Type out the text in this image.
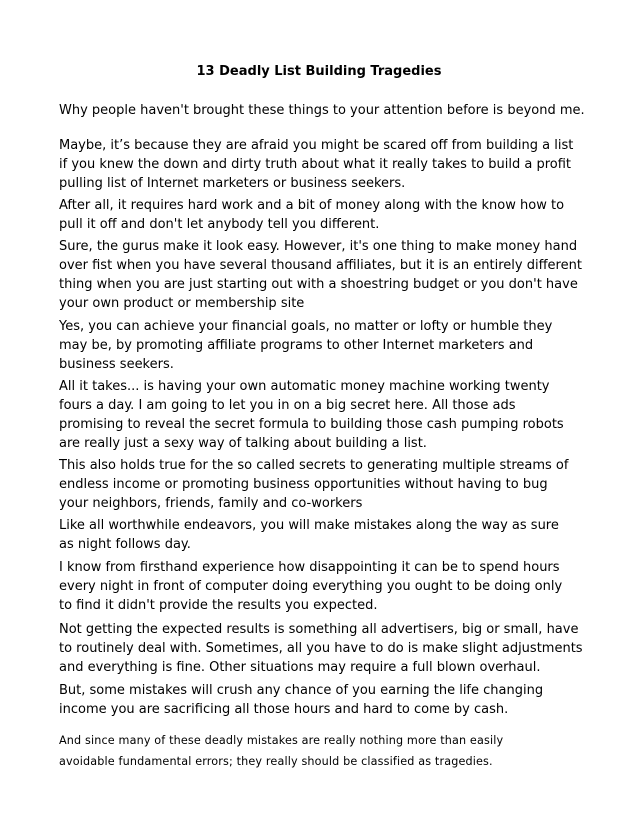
13 Deadly List Building Tragedies
Why people haven't brought these things to your attention before is beyond me.
Maybe, it’s because they are afraid you might be scared off from building a list
if you knew the down and dirty truth about what it really takes to build a profit
pulling list of Internet marketers or business seekers.
After all, it requires hard work and a bit of money along with the know how to
pull it off and don't let anybody tell you different.
Sure, the gurus make it look easy. However, it's one thing to make money hand
over fist when you have several thousand affiliates, but it is an entirely different
thing when you are just starting out with a shoestring budget or you don't have
your own product or membership site
Yes, you can achieve your financial goals, no matter or lofty or humble they
may be, by promoting affiliate programs to other Internet marketers and
business seekers.
All it takes... is having your own automatic money machine working twenty
fours a day. I am going to let you in on a big secret here. All those ads
promising to reveal the secret formula to building those cash pumping robots
are really just a sexy way of talking about building a list.
This also holds true for the so called secrets to generating multiple streams of
endless income or promoting business opportunities without having to bug
your neighbors, friends, family and co-workers
Like all worthwhile endeavors, you will make mistakes along the way as sure
as night follows day.
I know from firsthand experience how disappointing it can be to spend hours
every night in front of computer doing everything you ought to be doing only
to find it didn't provide the results you expected.
Not getting the expected results is something all advertisers, big or small, have
to routinely deal with. Sometimes, all you have to do is make slight adjustments
and everything is fine. Other situations may require a full blown overhaul.
But, some mistakes will crush any chance of you earning the life changing
income you are sacrificing all those hours and hard to come by cash.
And since many of these deadly mistakes are really nothing more than easily
avoidable fundamental errors; they really should be classified as tragedies.
